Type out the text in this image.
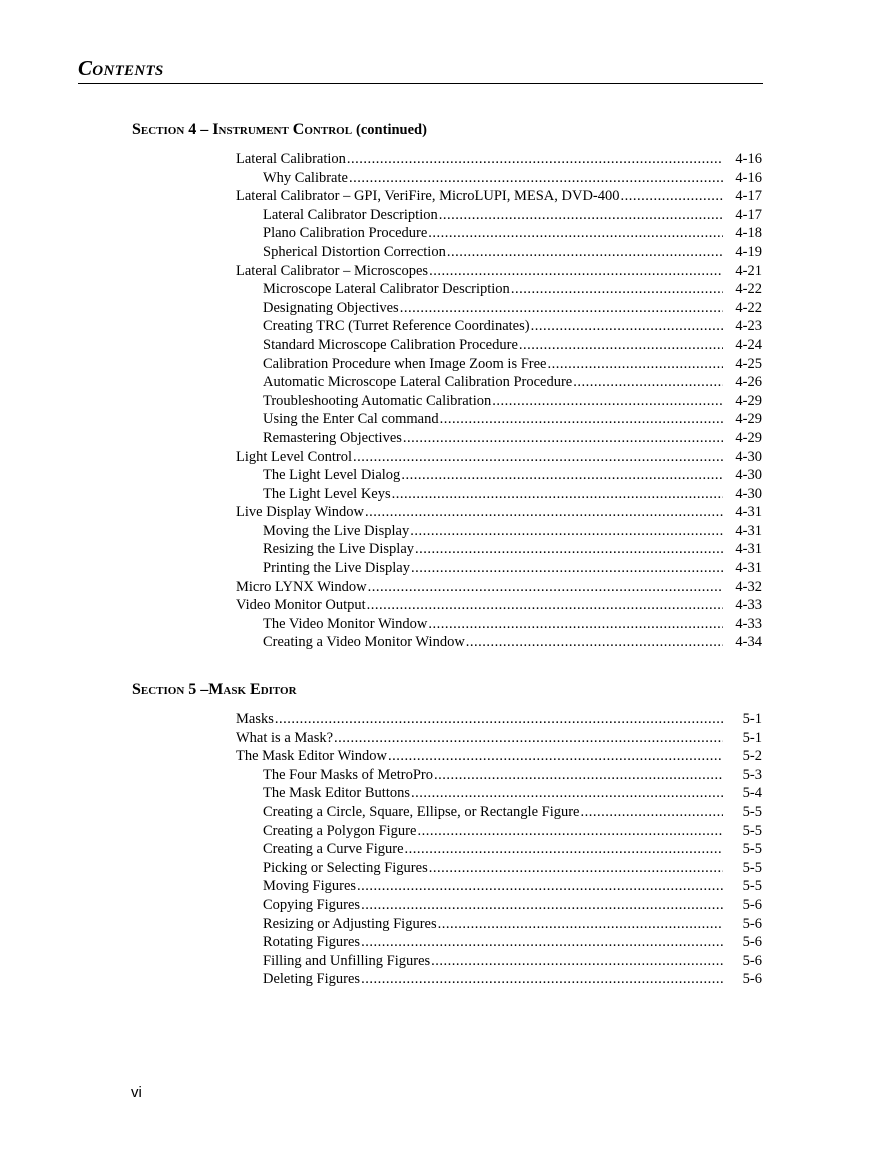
Contents
Section 4 – Instrument Control (continued)
Lateral Calibration .....	4-16
Why Calibrate .....	4-16
Lateral Calibrator – GPI, VeriFire, MicroLUPI, MESA, DVD-400 .....	4-17
Lateral Calibrator Description .....	4-17
Plano Calibration Procedure .....	4-18
Spherical Distortion Correction .....	4-19
Lateral Calibrator – Microscopes .....	4-21
Microscope Lateral Calibrator Description .....	4-22
Designating Objectives .....	4-22
Creating TRC (Turret Reference Coordinates) .....	4-23
Standard Microscope Calibration Procedure .....	4-24
Calibration Procedure when Image Zoom is Free .....	4-25
Automatic Microscope Lateral Calibration Procedure .....	4-26
Troubleshooting Automatic Calibration .....	4-29
Using the Enter Cal command .....	4-29
Remastering Objectives .....	4-29
Light Level Control .....	4-30
The Light Level Dialog .....	4-30
The Light Level Keys .....	4-30
Live Display Window .....	4-31
Moving the Live Display .....	4-31
Resizing the Live Display .....	4-31
Printing the Live Display .....	4-31
Micro LYNX Window .....	4-32
Video Monitor Output .....	4-33
The Video Monitor Window .....	4-33
Creating a Video Monitor Window .....	4-34
Section 5 –Mask Editor
Masks .....	5-1
What is a Mask? .....	5-1
The Mask Editor Window .....	5-2
The Four Masks of MetroPro .....	5-3
The Mask Editor Buttons .....	5-4
Creating a Circle, Square, Ellipse, or Rectangle Figure .....	5-5
Creating a Polygon Figure .....	5-5
Creating a Curve Figure .....	5-5
Picking or Selecting Figures .....	5-5
Moving Figures .....	5-5
Copying Figures .....	5-6
Resizing or Adjusting Figures .....	5-6
Rotating Figures .....	5-6
Filling and Unfilling Figures .....	5-6
Deleting Figures .....	5-6
vi
